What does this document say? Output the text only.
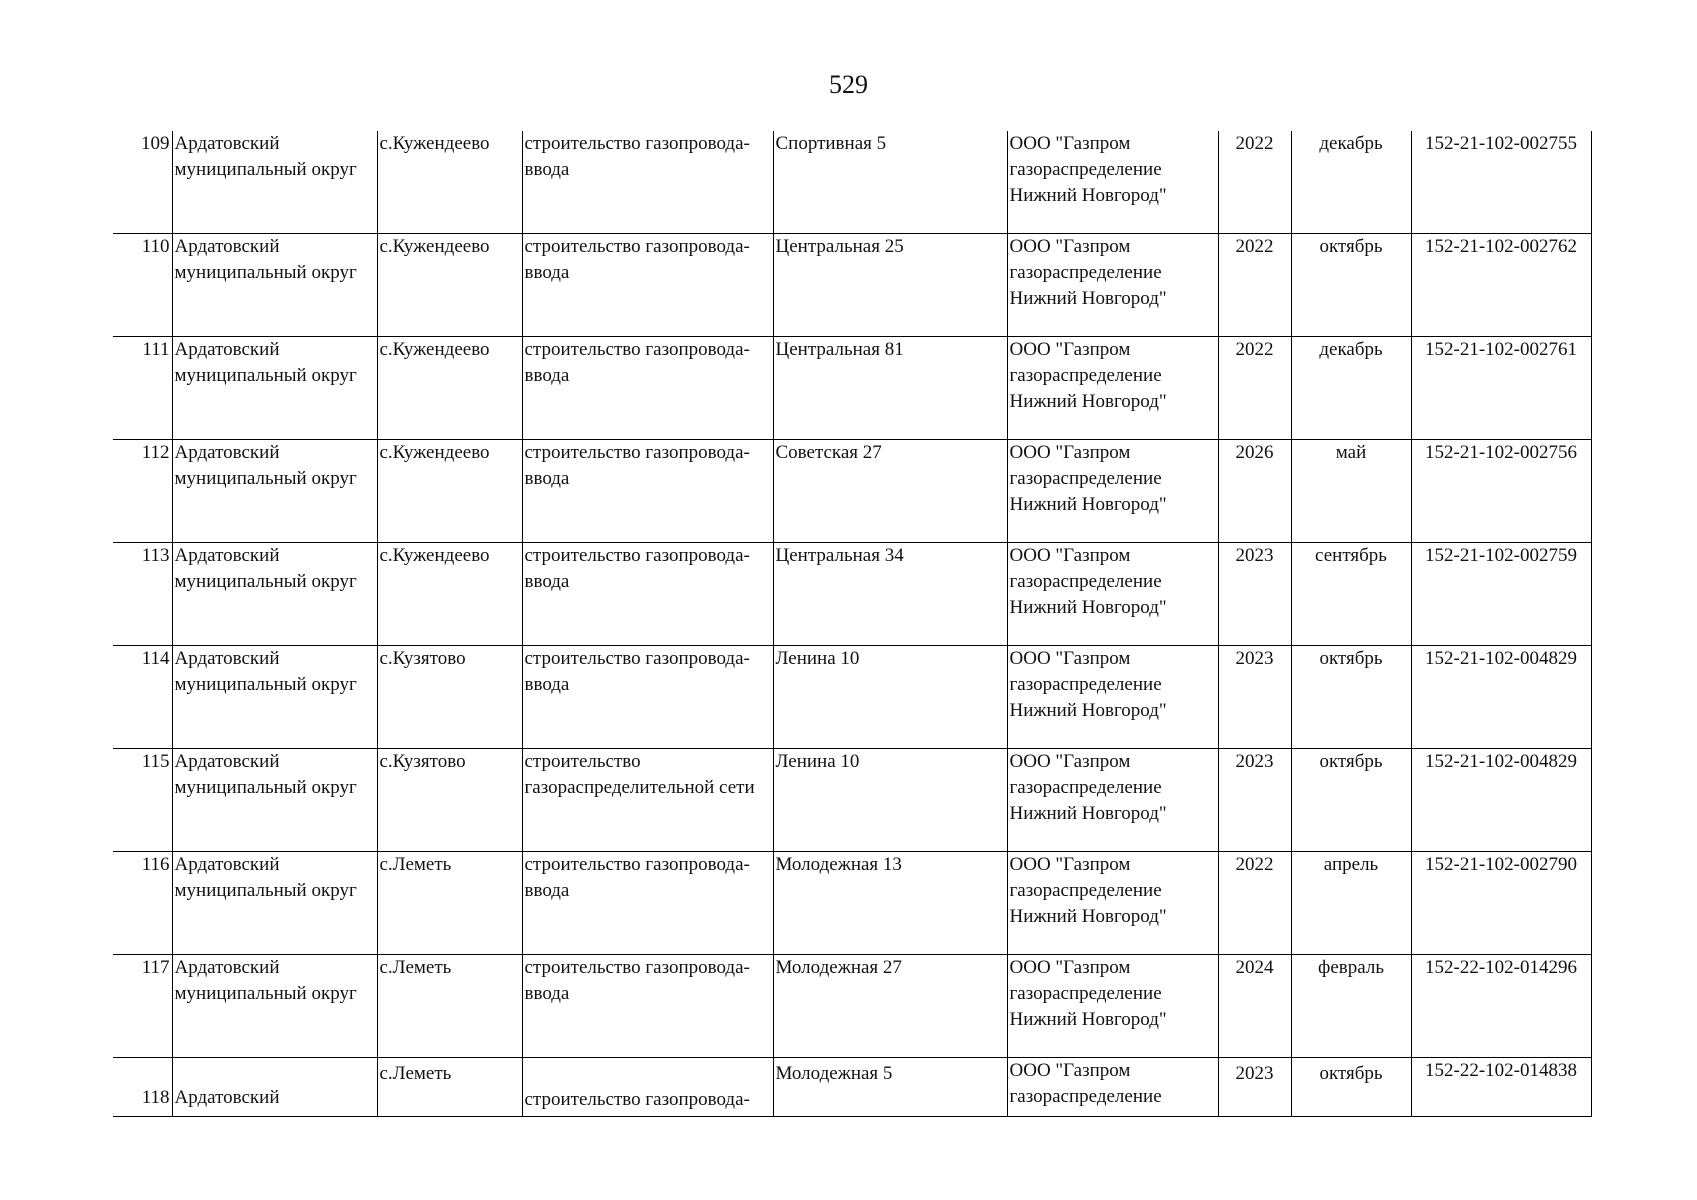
529
109	Ардатовский
муниципальный округ	с.Кужендеево	строительство газопровода-
ввода	Спортивная 5	ООО "Газпром
газораспределение
Нижний Новгород"	2022	декабрь	152-21-102-002755
110	Ардатовский
муниципальный округ	с.Кужендеево	строительство газопровода-
ввода	Центральная 25	ООО "Газпром
газораспределение
Нижний Новгород"	2022	октябрь	152-21-102-002762
111	Ардатовский
муниципальный округ	с.Кужендеево	строительство газопровода-
ввода	Центральная 81	ООО "Газпром
газораспределение
Нижний Новгород"	2022	декабрь	152-21-102-002761
112	Ардатовский
муниципальный округ	с.Кужендеево	строительство газопровода-
ввода	Советская 27	ООО "Газпром
газораспределение
Нижний Новгород"	2026	май	152-21-102-002756
113	Ардатовский
муниципальный округ	с.Кужендеево	строительство газопровода-
ввода	Центральная 34	ООО "Газпром
газораспределение
Нижний Новгород"	2023	сентябрь	152-21-102-002759
114	Ардатовский
муниципальный округ	с.Кузятово	строительство газопровода-
ввода	Ленина 10	ООО "Газпром
газораспределение
Нижний Новгород"	2023	октябрь	152-21-102-004829
115	Ардатовский
муниципальный округ	с.Кузятово	строительство
газораспределительной сети	Ленина 10	ООО "Газпром
газораспределение
Нижний Новгород"	2023	октябрь	152-21-102-004829
116	Ардатовский
муниципальный округ	с.Леметь	строительство газопровода-
ввода	Молодежная 13	ООО "Газпром
газораспределение
Нижний Новгород"	2022	апрель	152-21-102-002790
117	Ардатовский
муниципальный округ	с.Леметь	строительство газопровода-
ввода	Молодежная 27	ООО "Газпром
газораспределение
Нижний Новгород"	2024	февраль	152-22-102-014296
118	Ардатовский	с.Леметь	строительство газопровода-	Молодежная 5	ООО "Газпром
газораспределение	2023	октябрь	152-22-102-014838
